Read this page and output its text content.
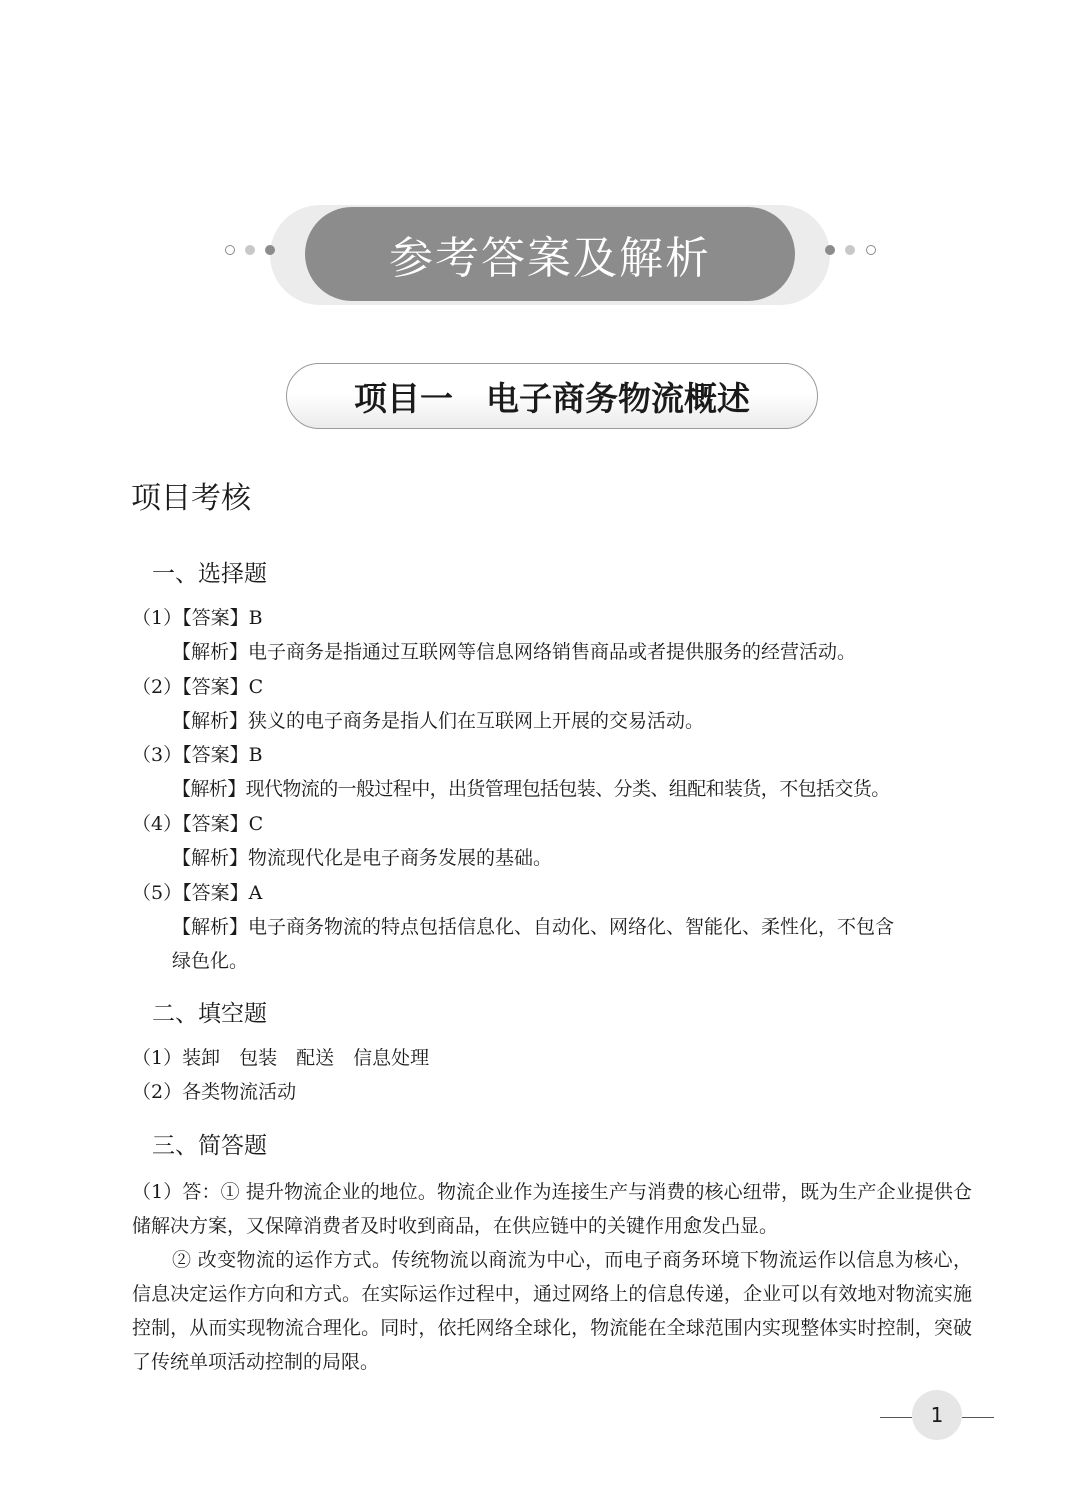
参考答案及解析
项目一　电子商务物流概述
项目考核
一、选择题
（1）【答案】B
【解析】电子商务是指通过互联网等信息网络销售商品或者提供服务的经营活动。
（2）【答案】C
【解析】狭义的电子商务是指人们在互联网上开展的交易活动。
（3）【答案】B
【解析】现代物流的一般过程中，出货管理包括包装、分类、组配和装货，不包括交货。
（4）【答案】C
【解析】物流现代化是电子商务发展的基础。
（5）【答案】A
【解析】电子商务物流的特点包括信息化、自动化、网络化、智能化、柔性化，不包含
绿色化。
二、填空题
（1）装卸　包装　配送　信息处理
（2）各类物流活动
三、简答题
（1）答：① 提升物流企业的地位。物流企业作为连接生产与消费的核心纽带，既为生产企业提供仓储解决方案，又保障消费者及时收到商品，在供应链中的关键作用愈发凸显。
② 改变物流的运作方式。传统物流以商流为中心，而电子商务环境下物流运作以信息为核心，信息决定运作方向和方式。在实际运作过程中，通过网络上的信息传递，企业可以有效地对物流实施控制，从而实现物流合理化。同时，依托网络全球化，物流能在全球范围内实现整体实时控制，突破了传统单项活动控制的局限。
1
